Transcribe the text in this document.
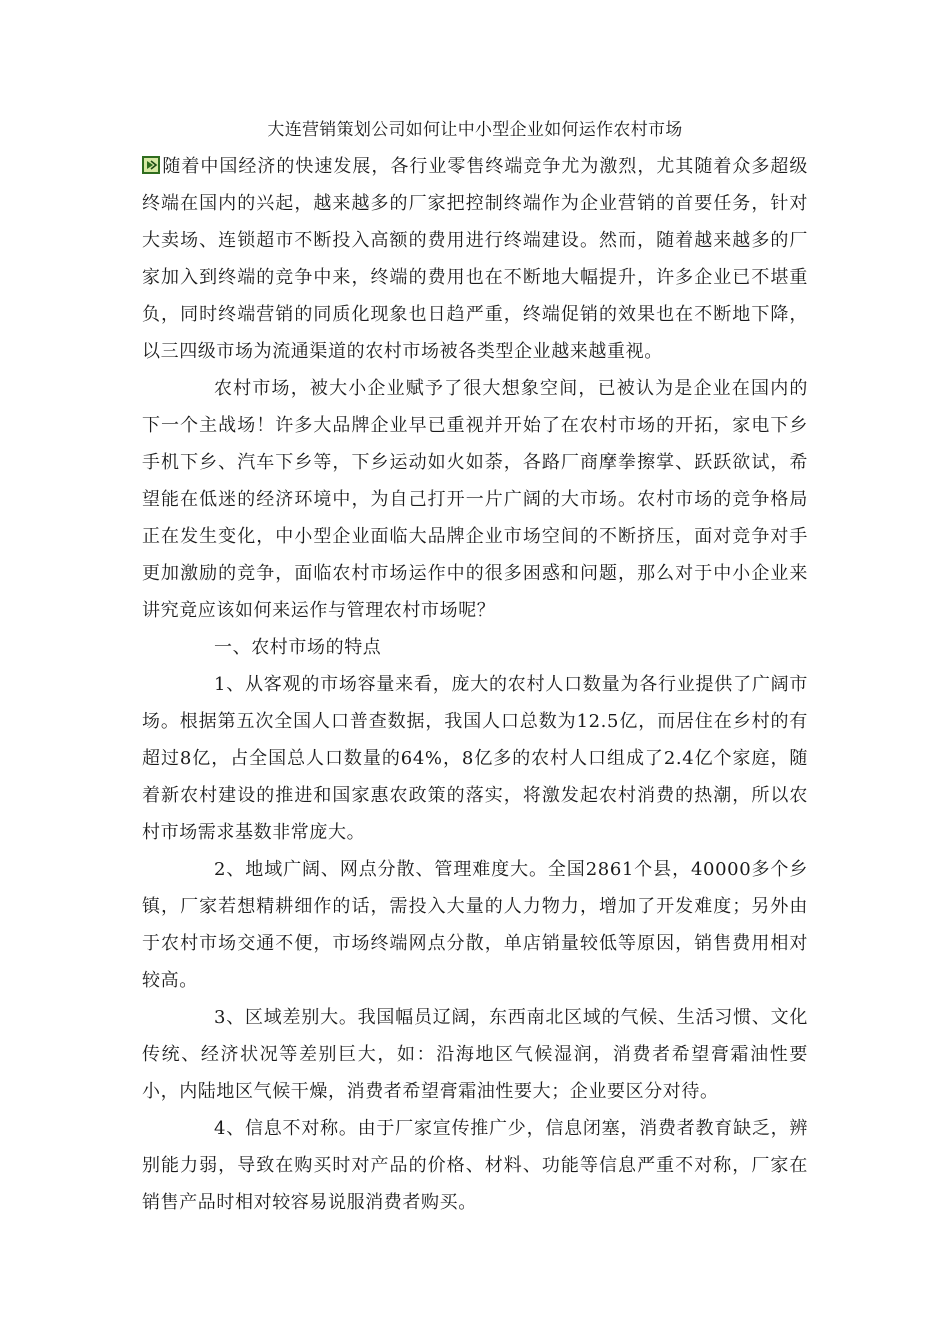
大连营销策划公司如何让中小型企业如何运作农村市场

随着中国经济的快速发展，各行业零售终端竞争尤为激烈，尤其随着众多超级终端在国内的兴起，越来越多的厂家把控制终端作为企业营销的首要任务，针对大卖场、连锁超市不断投入高额的费用进行终端建设。然而，随着越来越多的厂家加入到终端的竞争中来，终端的费用也在不断地大幅提升，许多企业已不堪重负，同时终端营销的同质化现象也日趋严重，终端促销的效果也在不断地下降，以三四级市场为流通渠道的农村市场被各类型企业越来越重视。

农村市场，被大小企业赋予了很大想象空间，已被认为是企业在国内的下一个主战场！许多大品牌企业早已重视并开始了在农村市场的开拓，家电下乡手机下乡、汽车下乡等，下乡运动如火如荼，各路厂商摩拳擦掌、跃跃欲试，希望能在低迷的经济环境中，为自己打开一片广阔的大市场。农村市场的竞争格局正在发生变化，中小型企业面临大品牌企业市场空间的不断挤压，面对竞争对手更加激励的竞争，面临农村市场运作中的很多困惑和问题，那么对于中小企业来讲究竟应该如何来运作与管理农村市场呢？

一、农村市场的特点

1、从客观的市场容量来看，庞大的农村人口数量为各行业提供了广阔市场。根据第五次全国人口普查数据，我国人口总数为12.5亿，而居住在乡村的有超过8亿，占全国总人口数量的64%，8亿多的农村人口组成了2.4亿个家庭，随着新农村建设的推进和国家惠农政策的落实，将激发起农村消费的热潮，所以农村市场需求基数非常庞大。

2、地域广阔、网点分散、管理难度大。全国2861个县，40000多个乡镇，厂家若想精耕细作的话，需投入大量的人力物力，增加了开发难度；另外由于农村市场交通不便，市场终端网点分散，单店销量较低等原因，销售费用相对较高。

3、区域差别大。我国幅员辽阔，东西南北区域的气候、生活习惯、文化传统、经济状况等差别巨大，如：沿海地区气候湿润，消费者希望膏霜油性要小，内陆地区气候干燥，消费者希望膏霜油性要大；企业要区分对待。

4、信息不对称。由于厂家宣传推广少，信息闭塞，消费者教育缺乏，辨别能力弱，导致在购买时对产品的价格、材料、功能等信息严重不对称，厂家在销售产品时相对较容易说服消费者购买。
